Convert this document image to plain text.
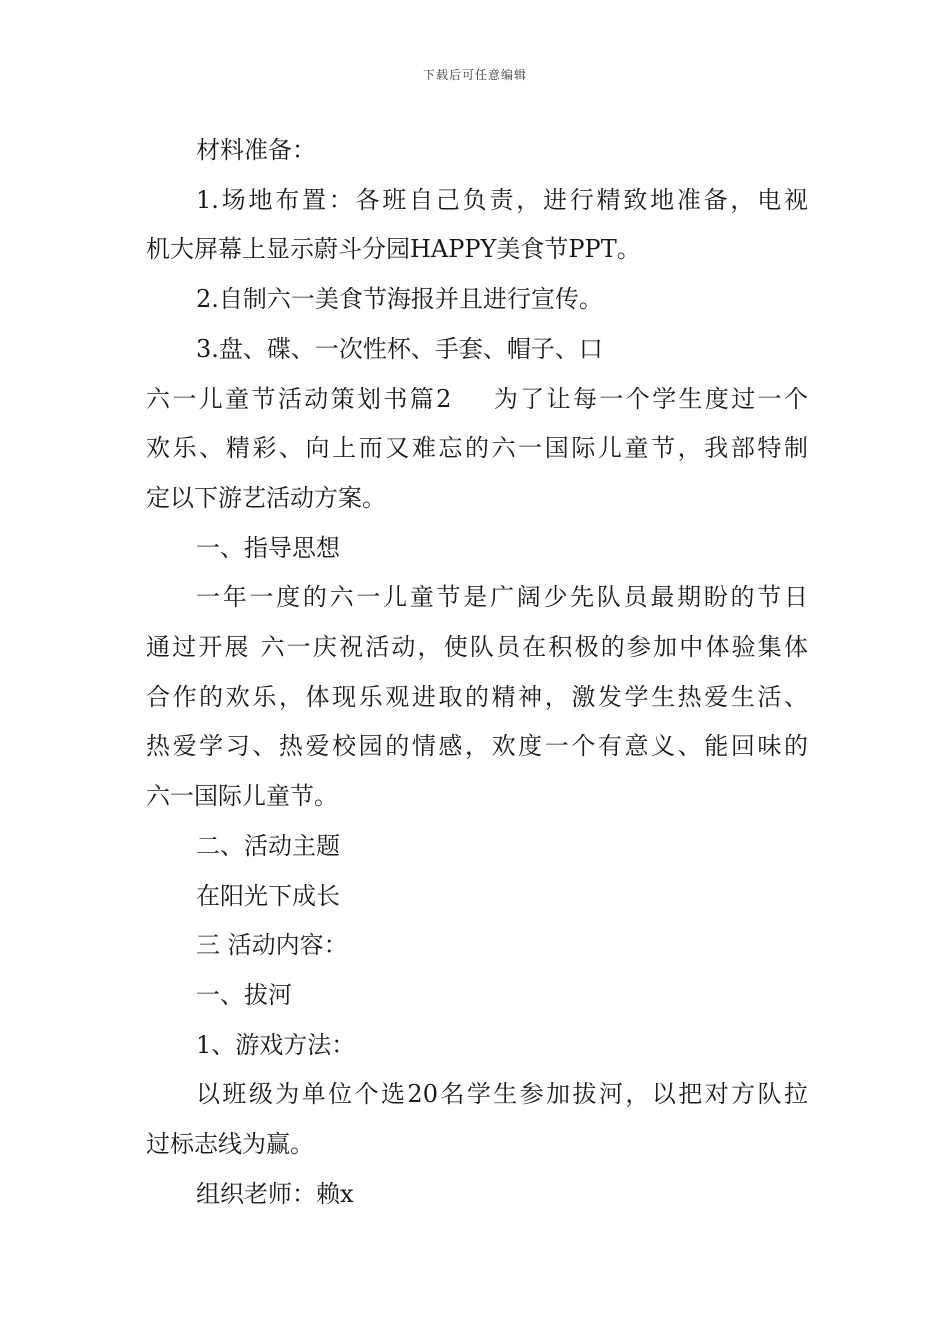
下载后可任意编辑

材料准备：

1.场地布置：各班自己负责，进行精致地准备，电视

机大屏幕上显示蔚斗分园HAPPY美食节PPT。

2.自制六一美食节海报并且进行宣传。

3.盘、碟、一次性杯、手套、帽子、口

六一儿童节活动策划书篇2 为了让每一个学生度过一个

欢乐、精彩、向上而又难忘的六一国际儿童节，我部特制

定以下游艺活动方案。

一、指导思想

一年一度的六一儿童节是广阔少先队员最期盼的节日

通过开展 六一庆祝活动，使队员在积极的参加中体验集体

合作的欢乐，体现乐观进取的精神，激发学生热爱生活、

热爱学习、热爱校园的情感，欢度一个有意义、能回味的

六一国际儿童节。

二、活动主题

在阳光下成长

三 活动内容：

一、拔河

1、游戏方法：

以班级为单位个选20名学生参加拔河，以把对方队拉

过标志线为赢。

组织老师：赖x
